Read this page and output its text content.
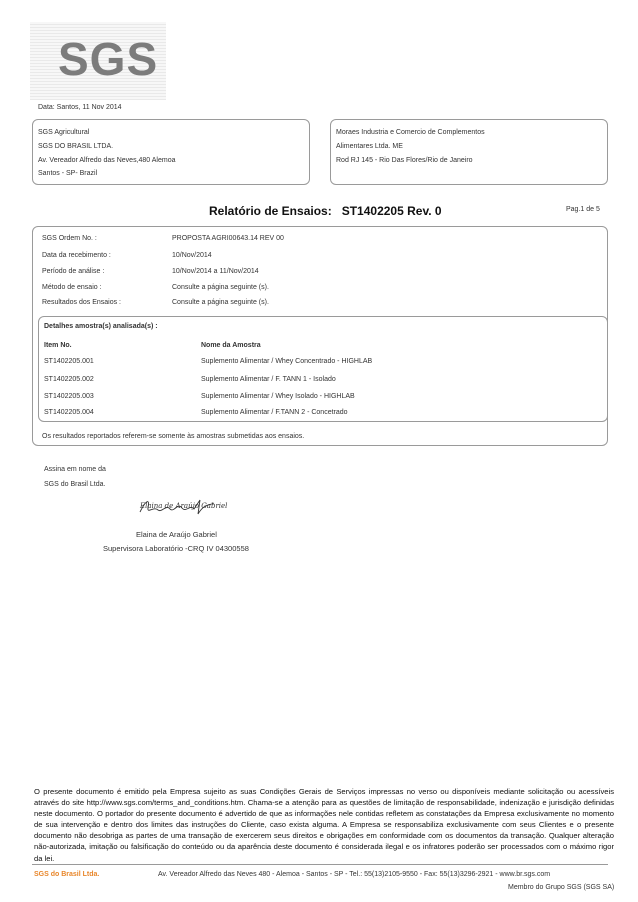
SGS
Data: Santos, 11 Nov 2014
SGS Agricultural
SGS DO BRASIL LTDA.
Av. Vereador Alfredo das Neves,480 Alemoa
Santos - SP- Brazil
Moraes Industria e Comercio de Complementos
Alimentares Ltda. ME
Rod RJ 145 - Rio Das Flores/Rio de Janeiro
Relatório de Ensaios: ST1402205 Rev. 0	Pag.1 de 5
SGS Ordem No. :	PROPOSTA AGRI00643.14 REV 00
Data da recebimento :	10/Nov/2014
Período de análise :	10/Nov/2014 a 11/Nov/2014
Método de ensaio :	Consulte a página seguinte (s).
Resultados dos Ensaios :	Consulte a página seguinte (s).
Detalhes amostra(s) analisada(s) :
Item No.	Nome da Amostra
ST1402205.001	Suplemento Alimentar / Whey Concentrado - HIGHLAB
ST1402205.002	Suplemento Alimentar / F. TANN 1 - Isolado
ST1402205.003	Suplemento Alimentar / Whey Isolado - HIGHLAB
ST1402205.004	Suplemento Alimentar / F.TANN 2 - Concetrado
Os resultados reportados referem-se somente às amostras submetidas aos ensaios.
Assina em nome da
SGS do Brasil Ltda.
Elaina de Araújo Gabriel
Elaina de Araújo Gabriel
Supervisora Laboratório -CRQ IV 04300558
O presente documento é emitido pela Empresa sujeito as suas Condições Gerais de Serviços impressas no verso ou disponíveis mediante solicitação ou acessíveis através do site http://www.sgs.com/terms_and_conditions.htm. Chama-se a atenção para as questões de limitação de responsabilidade, indenização e jurisdição definidas neste documento. O portador do presente documento é advertido de que as informações nele contidas refletem as constatações da Empresa exclusivamente no momento de sua intervenção e dentro dos limites das instruções do Cliente, caso exista alguma. A Empresa se responsabiliza exclusivamente com seus Clientes e o presente documento não desobriga as partes de uma transação de exercerem seus direitos e obrigações em conformidade com os documentos da transação. Qualquer alteração não-autorizada, imitação ou falsificação do conteúdo ou da aparência deste documento é considerada ilegal e os infratores poderão ser processados com o máximo rigor da lei.
SGS do Brasil Ltda.	Av. Vereador Alfredo das Neves 480 - Alemoa - Santos - SP - Tel.: 55(13)2105-9550 - Fax: 55(13)3296-2921 - www.br.sgs.com
Membro do Grupo SGS (SGS SA)
